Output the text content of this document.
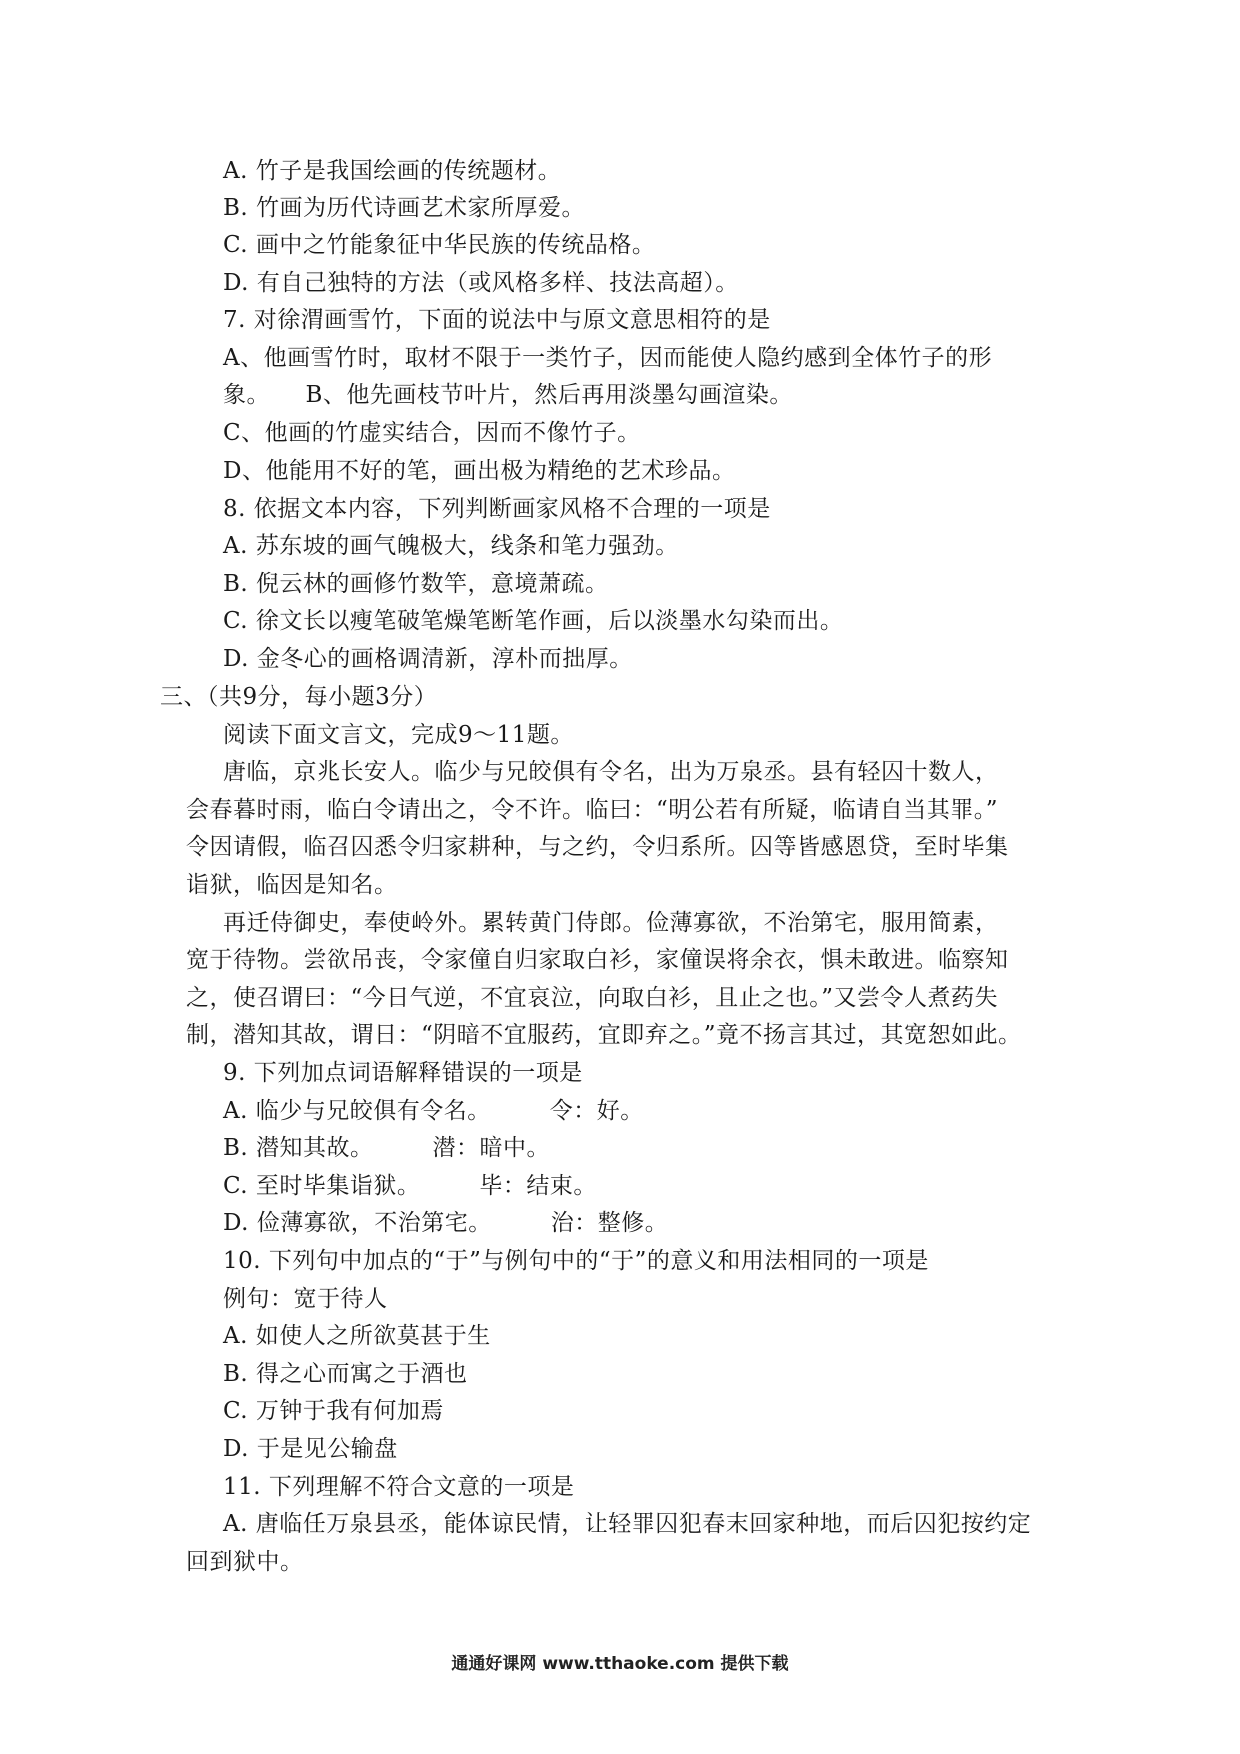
A. 竹子是我国绘画的传统题材。
B. 竹画为历代诗画艺术家所厚爱。
C. 画中之竹能象征中华民族的传统品格。
D. 有自己独特的方法（或风格多样、技法高超）。
7. 对徐渭画雪竹，下面的说法中与原文意思相符的是
A、他画雪竹时，取材不限于一类竹子，因而能使人隐约感到全体竹子的形
象。　　B、他先画枝节叶片，然后再用淡墨勾画渲染。
C、他画的竹虚实结合，因而不像竹子。
D、他能用不好的笔，画出极为精绝的艺术珍品。
8. 依据文本内容，下列判断画家风格不合理的一项是
A. 苏东坡的画气魄极大，线条和笔力强劲。
B. 倪云林的画修竹数竿，意境萧疏。
C. 徐文长以瘦笔破笔燥笔断笔作画，后以淡墨水勾染而出。
D. 金冬心的画格调清新，淳朴而拙厚。
三、（共9分，每小题3分）
阅读下面文言文，完成9～11题。
唐临，京兆长安人。临少与兄皎俱有令名，出为万泉丞。县有轻囚十数人，
会春暮时雨，临白令请出之，令不许。临曰：“明公若有所疑，临请自当其罪。”
令因请假，临召囚悉令归家耕种，与之约，令归系所。囚等皆感恩贷，至时毕集
诣狱，临因是知名。
再迁侍御史，奉使岭外。累转黄门侍郎。俭薄寡欲，不治第宅，服用简素，
宽于待物。尝欲吊丧，令家僮自归家取白衫，家僮误将余衣，惧未敢进。临察知
之，使召谓曰：“今日气逆，不宜哀泣，向取白衫，且止之也。”又尝令人煮药失
制，潜知其故，谓日：“阴暗不宜服药，宜即弃之。”竟不扬言其过，其宽恕如此。
9. 下列加点词语解释错误的一项是
A. 临少与兄皎俱有令名。　　　令：好。
B. 潜知其故。　　　潜：暗中。
C. 至时毕集诣狱。　　　毕：结束。
D. 俭薄寡欲，不治第宅。　　　治：整修。
10. 下列句中加点的“于”与例句中的“于”的意义和用法相同的一项是
例句：宽于待人
A. 如使人之所欲莫甚于生
B. 得之心而寓之于酒也
C. 万钟于我有何加焉
D. 于是见公输盘
11. 下列理解不符合文意的一项是
A. 唐临任万泉县丞，能体谅民情，让轻罪囚犯春末回家种地，而后囚犯按约定
回到狱中。
通通好课网 www.tthaoke.com 提供下载
